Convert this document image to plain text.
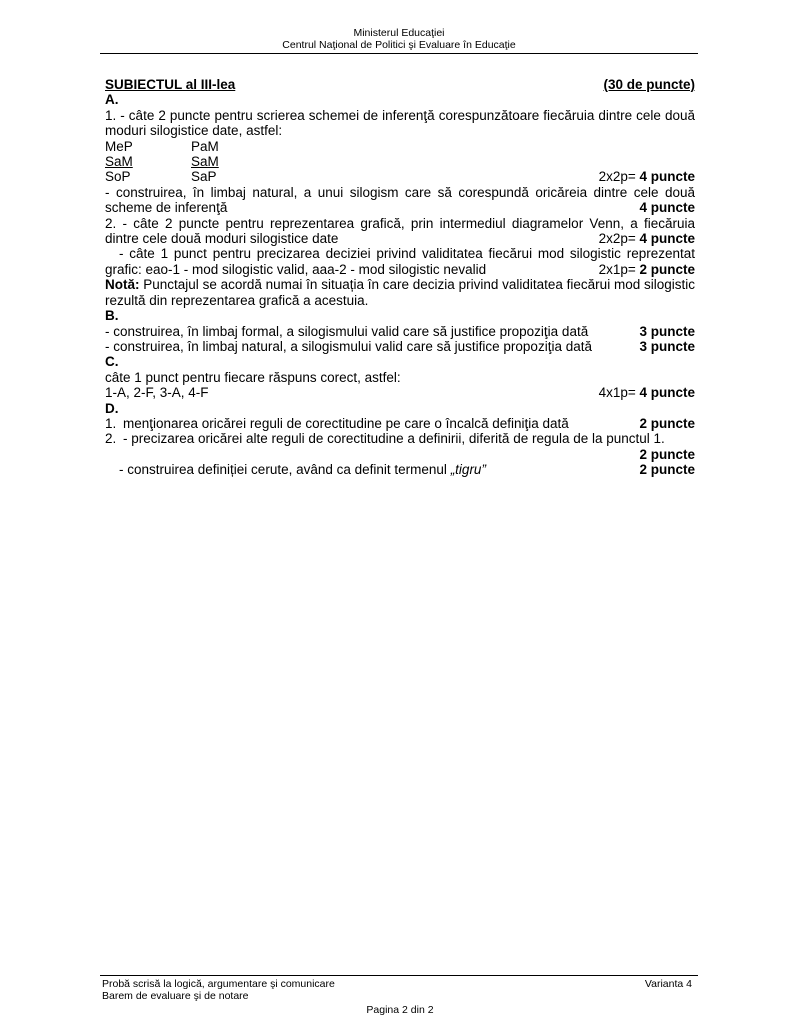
Ministerul Educaţiei
Centrul Naţional de Politici şi Evaluare în Educaţie
SUBIECTUL al III-lea	(30 de puncte)
A.
1. - câte 2 puncte pentru scrierea schemei de inferenţă corespunzătoare fiecăruia dintre cele două
moduri silogistice date, astfel:
MeP	PaM
SaM	SaM
SoP	SaP	2x2p= 4 puncte
- construirea, în limbaj natural, a unui silogism care să corespundă oricăreia dintre cele două
scheme de inferenţă	4 puncte
2. - câte 2 puncte pentru reprezentarea grafică, prin intermediul diagramelor Venn, a fiecăruia
dintre cele două moduri silogistice date	2x2p= 4 puncte
- câte 1 punct pentru precizarea deciziei privind validitatea fiecărui mod silogistic reprezentat
grafic: eao-1 - mod silogistic valid, aaa-2 - mod silogistic nevalid	2x1p= 2 puncte
Notă: Punctajul se acordă numai în situația în care decizia privind validitatea fiecărui mod silogistic rezultă din reprezentarea grafică a acestuia.
B.
- construirea, în limbaj formal, a silogismului valid care să justifice propoziţia dată	3 puncte
- construirea, în limbaj natural, a silogismului valid care să justifice propoziţia dată	3 puncte
C.
câte 1 punct pentru fiecare răspuns corect, astfel:
1-A, 2-F, 3-A, 4-F	4x1p= 4 puncte
D.
1. menţionarea oricărei reguli de corectitudine pe care o încalcă definiţia dată	2 puncte
2. - precizarea oricărei alte reguli de corectitudine a definirii, diferită de regula de la punctul 1.
2 puncte
- construirea definiției cerute, având ca definit termenul „tigru”	2 puncte
Probă scrisă la logică, argumentare şi comunicare	Varianta 4
Barem de evaluare şi de notare
Pagina 2 din 2
